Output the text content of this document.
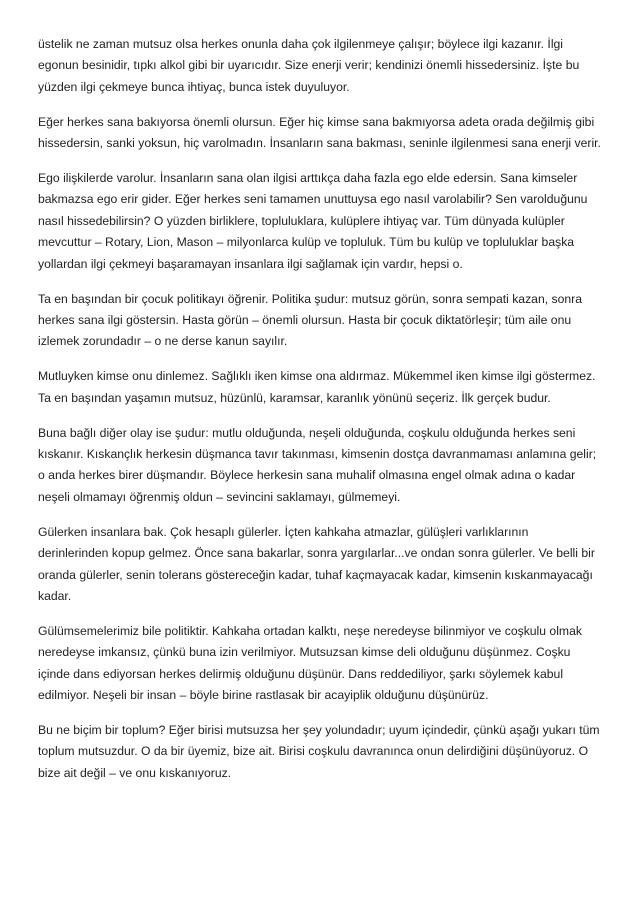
üstelik ne zaman mutsuz olsa herkes onunla daha çok ilgilenmeye çalışır; böylece ilgi kazanır. İlgi egonun besinidir, tıpkı alkol gibi bir uyarıcıdır. Size enerji verir; kendinizi önemli hissedersiniz. İşte bu yüzden ilgi çekmeye bunca ihtiyaç, bunca istek duyuluyor.

Eğer herkes sana bakıyorsa önemli olursun. Eğer hiç kimse sana bakmıyorsa adeta orada değilmiş gibi hissedersin, sanki yoksun, hiç varolmadın. İnsanların sana bakması, seninle ilgilenmesi sana enerji verir.

Ego ilişkilerde varolur. İnsanların sana olan ilgisi arttıkça daha fazla ego elde edersin. Sana kimseler bakmazsa ego erir gider. Eğer herkes seni tamamen unuttuysa ego nasıl varolabilir? Sen varolduğunu nasıl hissedebilirsin? O yüzden birliklere, topluluklara, kulüplere ihtiyaç var. Tüm dünyada kulüpler mevcuttur – Rotary, Lion, Mason – milyonlarca kulüp ve topluluk. Tüm bu kulüp ve topluluklar başka yollardan ilgi çekmeyi başaramayan insanlara ilgi sağlamak için vardır, hepsi o.

Ta en başından bir çocuk politikayı öğrenir. Politika şudur: mutsuz görün, sonra sempati kazan, sonra herkes sana ilgi göstersin. Hasta görün – önemli olursun. Hasta bir çocuk diktatörleşir; tüm aile onu izlemek zorundadır – o ne derse kanun sayılır.

Mutluyken kimse onu dinlemez. Sağlıklı iken kimse ona aldırmaz. Mükemmel iken kimse ilgi göstermez. Ta en başından yaşamın mutsuz, hüzünlü, karamsar, karanlık yönünü seçeriz. İlk gerçek budur.

Buna bağlı diğer olay ise şudur: mutlu olduğunda, neşeli olduğunda, coşkulu olduğunda herkes seni kıskanır. Kıskançlık herkesin düşmanca tavır takınması, kimsenin dostça davranmaması anlamına gelir; o anda herkes birer düşmandır. Böylece herkesin sana muhalif olmasına engel olmak adına o kadar neşeli olmamayı öğrenmiş oldun – sevincini saklamayı, gülmemeyi.

Gülerken insanlara bak. Çok hesaplı gülerler. İçten kahkaha atmazlar, gülüşleri varlıklarının derinlerinden kopup gelmez. Önce sana bakarlar, sonra yargılarlar...ve ondan sonra gülerler. Ve belli bir oranda gülerler, senin tolerans göstereceğin kadar, tuhaf kaçmayacak kadar, kimsenin kıskanmayacağı kadar.

Gülümsemelerimiz bile politiktir. Kahkaha ortadan kalktı, neşe neredeyse bilinmiyor ve coşkulu olmak neredeyse imkansız, çünkü buna izin verilmiyor. Mutsuzsan kimse deli olduğunu düşünmez. Coşku içinde dans ediyorsan herkes delirmiş olduğunu düşünür. Dans reddediliyor, şarkı söylemek kabul edilmiyor. Neşeli bir insan – böyle birine rastlasak bir acayiplik olduğunu düşünürüz.

Bu ne biçim bir toplum? Eğer birisi mutsuzsa her şey yolundadır; uyum içindedir, çünkü aşağı yukarı tüm toplum mutsuzdur. O da bir üyemiz, bize ait. Birisi coşkulu davranınca onun delirdiğini düşünüyoruz. O bize ait değil – ve onu kıskanıyoruz.
